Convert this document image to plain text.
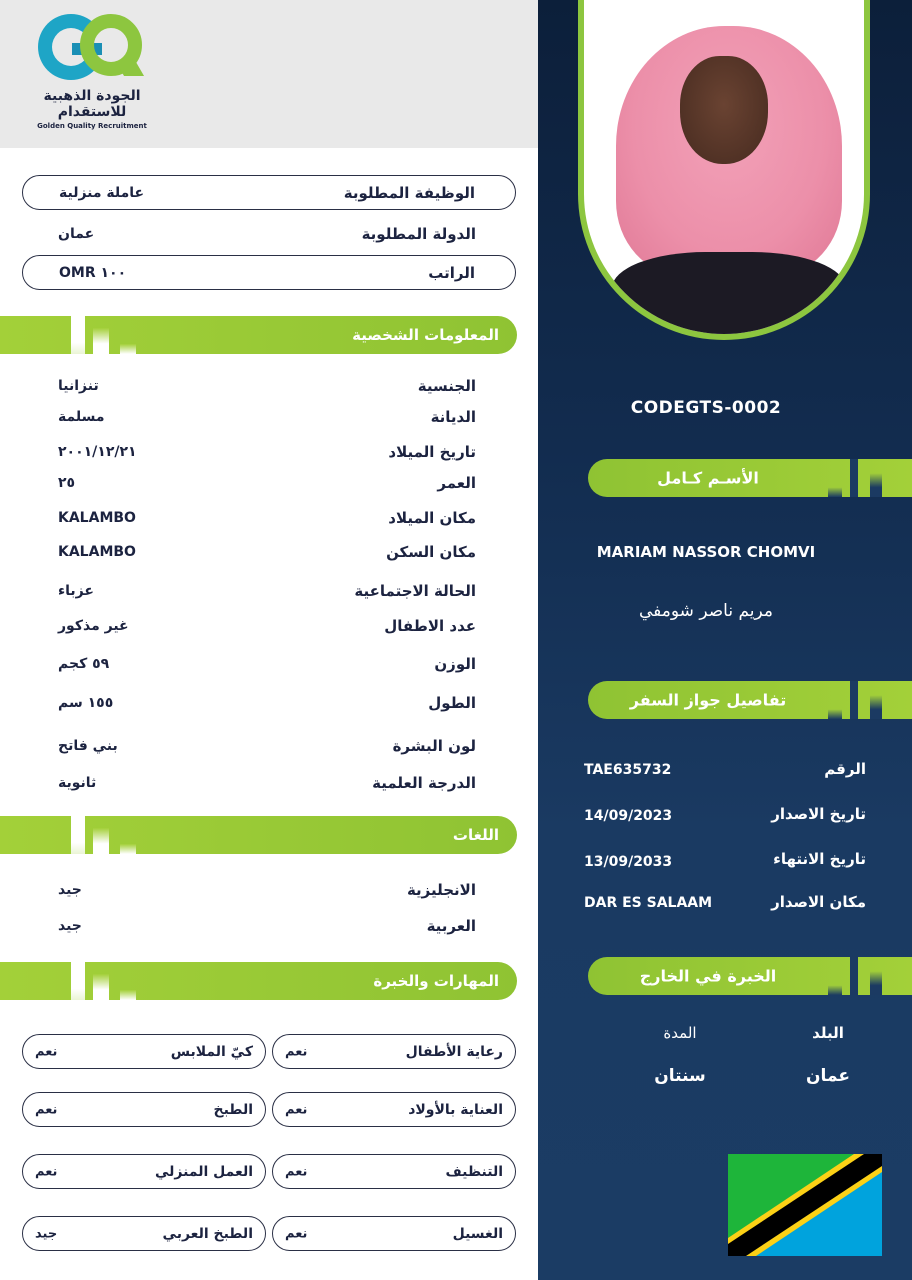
الجودة الذهبية
للاستقدام
Golden Quality Recruitment
الوظيفة المطلوبة
عاملة منزلية
الدولة المطلوبة
عمان
الراتب
OMR ١٠٠
المعلومات الشخصية
الجنسية
تنزانيا
الديانة
مسلمة
تاريخ الميلاد
٢٠٠١/١٢/٢١
العمر
٢٥
مكان الميلاد
KALAMBO
مكان السكن
KALAMBO
الحالة الاجتماعية
عزباء
عدد الاطفال
غير مذكور
الوزن
٥٩ كجم
الطول
١٥٥ سم
لون البشرة
بني فاتح
الدرجة العلمية
ثانوية
اللغات
الانجليزية
جيد
العربية
جيد
المهارات والخبرة
رعاية الأطفال
نعم
كيّ الملابس
نعم
العناية بالأولاد
نعم
الطبخ
نعم
التنظيف
نعم
العمل المنزلي
نعم
الغسيل
نعم
الطبخ العربي
جيد
CODEGTS-0002
الأسـم كـامل
MARIAM NASSOR CHOMVI
مريم ناصر شومفي
تفاصيل جواز السفر
الرقم
TAE635732
تاريخ الاصدار
14/09/2023
تاريخ الانتهاء
13/09/2033
مكان الاصدار
DAR ES SALAAM
الخبرة في الخارج
البلد
المدة
عمان
سنتان
